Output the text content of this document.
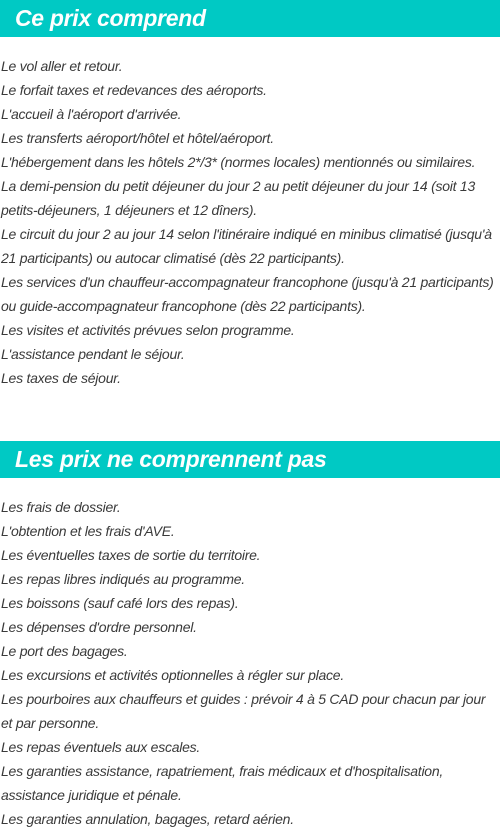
Ce prix comprend
Le vol aller et retour.
Le forfait taxes et redevances des aéroports.
L'accueil à l'aéroport d'arrivée.
Les transferts aéroport/hôtel et hôtel/aéroport.
L'hébergement dans les hôtels 2*/3* (normes locales) mentionnés ou similaires.
La demi-pension du petit déjeuner du jour 2 au petit déjeuner du jour 14 (soit 13 petits-déjeuners, 1 déjeuners et 12 dîners).
Le circuit du jour 2 au jour 14 selon l'itinéraire indiqué en minibus climatisé (jusqu'à 21 participants) ou autocar climatisé (dès 22 participants).
Les services d'un chauffeur-accompagnateur francophone (jusqu'à 21 participants) ou guide-accompagnateur francophone (dès 22 participants).
Les visites et activités prévues selon programme.
L'assistance pendant le séjour.
Les taxes de séjour.
Les prix ne comprennent pas
Les frais de dossier.
L'obtention et les frais d'AVE.
Les éventuelles taxes de sortie du territoire.
Les repas libres indiqués au programme.
Les boissons (sauf café lors des repas).
Les dépenses d'ordre personnel.
Le port des bagages.
Les excursions et activités optionnelles à régler sur place.
Les pourboires aux chauffeurs et guides : prévoir 4 à 5 CAD pour chacun par jour et par personne.
Les repas éventuels aux escales.
Les garanties assistance, rapatriement, frais médicaux et d'hospitalisation, assistance juridique et pénale.
Les garanties annulation, bagages, retard aérien.
